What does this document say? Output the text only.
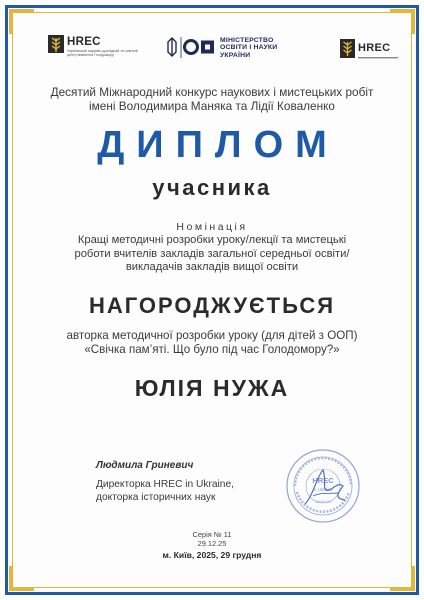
HREC
Український науково-дослідний та освітній центр вивчення Голодомору
МІНІСТЕРСТВО
ОСВІТИ І НАУКИ
УКРАЇНИ
HREC
Десятий Міжнародний конкурс наукових і мистецьких робіт
імені Володимира Маняка та Лідії Коваленко
ДИПЛОМ
учасника
Номінація
Кращі методичні розробки уроку/лекції та мистецькі
роботи вчителів закладів загальної середньої освіти/
викладачів закладів вищої освіти
НАГОРОДЖУЄТЬСЯ
авторка методичної розробки уроку (для дітей з ООП)
«Свічка пам’яті. Що було під час Голодомору?»
ЮЛІЯ НУЖА
Людмила Гриневич
Директорка HREC in Ukraine,
докторка історичних наук
HREC
in Ukraine
38845100
Серія № 11
29.12.25
м. Київ, 2025, 29 грудня
